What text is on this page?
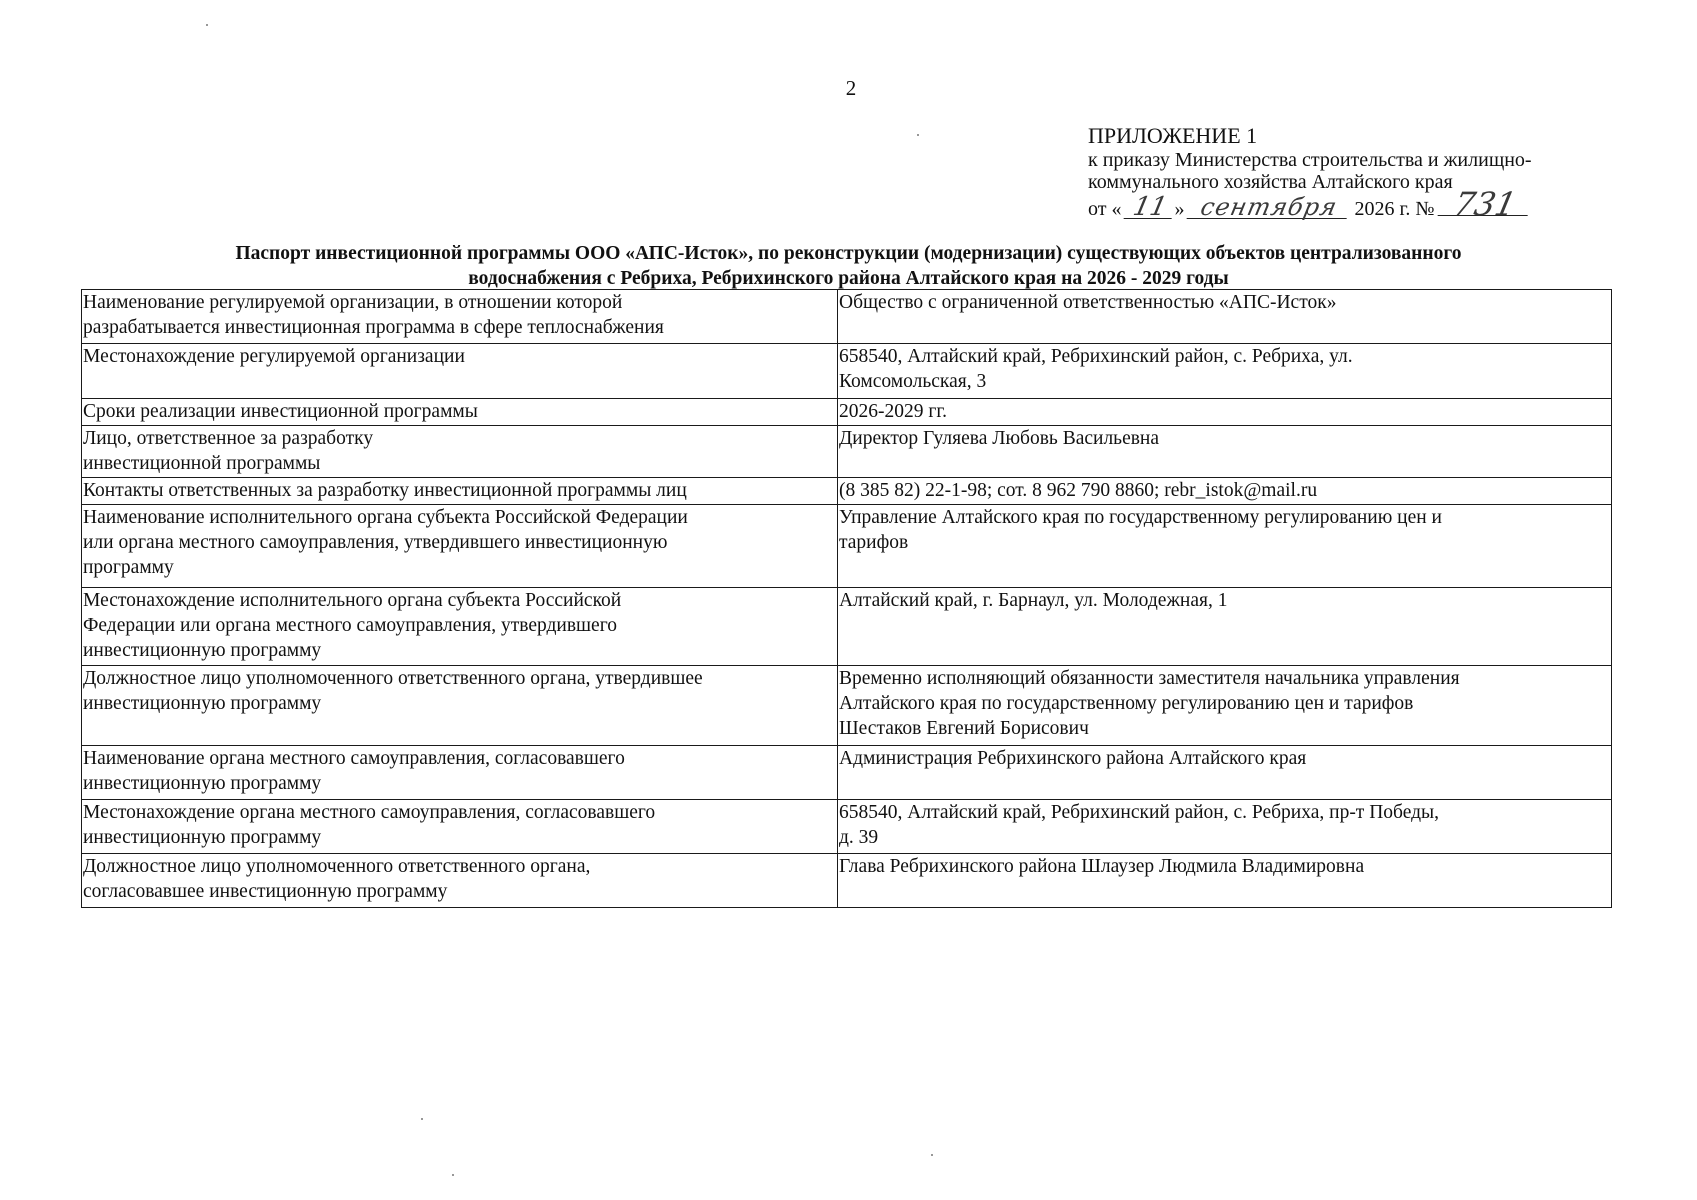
2
ПРИЛОЖЕНИЕ 1
к приказу Министерства строительства и жилищно-
коммунального хозяйства Алтайского края
от « 11 » сентября 2026 г. № 731
Паспорт инвестиционной программы ООО «АПС-Исток», по реконструкции (модернизации) существующих объектов централизованного
водоснабжения с Ребриха, Ребрихинского района Алтайского края на 2026 - 2029 годы
Наименование регулируемой организации, в отношении которой
разрабатывается инвестиционная программа в сфере теплоснабжения	Общество с ограниченной ответственностью «АПС-Исток»
Местонахождение регулируемой организации	658540, Алтайский край, Ребрихинский район, с. Ребриха, ул.
Комсомольская, 3
Сроки реализации инвестиционной программы	2026-2029 гг.
Лицо, ответственное за разработку
инвестиционной программы	Директор Гуляева Любовь Васильевна
Контакты ответственных за разработку инвестиционной программы лиц	(8 385 82) 22-1-98; сот. 8 962 790 8860; rebr_istok@mail.ru
Наименование исполнительного органа субъекта Российской Федерации
или органа местного самоуправления, утвердившего инвестиционную
программу	Управление Алтайского края по государственному регулированию цен и
тарифов
Местонахождение исполнительного органа субъекта Российской
Федерации или органа местного самоуправления, утвердившего
инвестиционную программу	Алтайский край, г. Барнаул, ул. Молодежная, 1
Должностное лицо уполномоченного ответственного органа, утвердившее
инвестиционную программу	Временно исполняющий обязанности заместителя начальника управления
Алтайского края по государственному регулированию цен и тарифов
Шестаков Евгений Борисович
Наименование органа местного самоуправления, согласовавшего
инвестиционную программу	Администрация Ребрихинского района Алтайского края
Местонахождение органа местного самоуправления, согласовавшего
инвестиционную программу	658540, Алтайский край, Ребрихинский район, с. Ребриха, пр-т Победы,
д. 39
Должностное лицо уполномоченного ответственного органа,
согласовавшее инвестиционную программу	Глава Ребрихинского района Шлаузер Людмила Владимировна
